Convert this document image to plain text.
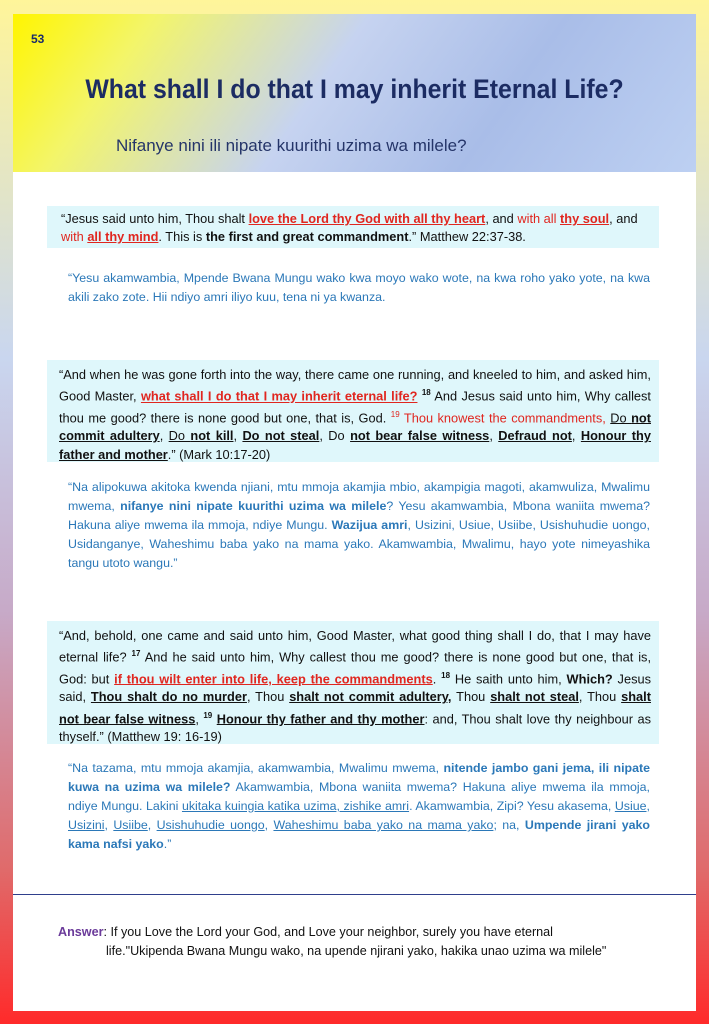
53
What shall I do that I may inherit Eternal Life?
Nifanye nini ili nipate kuurithi uzima wa milele?
“Jesus said unto him, Thou shalt love the Lord thy God with all thy heart, and with all thy soul, and with all thy mind. This is the first and great commandment.” Matthew 22:37-38.
“Yesu akamwambia, Mpende Bwana Mungu wako kwa moyo wako wote, na kwa roho yako yote, na kwa akili zako zote. Hii ndiyo amri iliyo kuu, tena ni ya kwanza.
“And when he was gone forth into the way, there came one running, and kneeled to him, and asked him, Good Master, what shall I do that I may inherit eternal life? $^{18}$ And Jesus said unto him, Why callest thou me good? there is none good but one, that is, God. $^{19}$ Thou knowest the commandments, Do not commit adultery, Do not kill, Do not steal, Do not bear false witness, Defraud not, Honour thy father and mother.” (Mark 10:17-20)
“Na alipokuwa akitoka kwenda njiani, mtu mmoja akamjia mbio, akampigia magoti, akamwuliza, Mwalimu mwema, nifanye nini nipate kuurithi uzima wa milele? Yesu akamwambia, Mbona waniita mwema? Hakuna aliye mwema ila mmoja, ndiye Mungu. Wazijua amri, Usizini, Usiue, Usiibe, Usishuhudie uongo, Usidanganye, Waheshimu baba yako na mama yako. Akamwambia, Mwalimu, hayo yote nimeyashika tangu utoto wangu.”
“And, behold, one came and said unto him, Good Master, what good thing shall I do, that I may have eternal life? $^{17}$ And he said unto him, Why callest thou me good? there is none good but one, that is, God: but if thou wilt enter into life, keep the commandments. $^{18}$ He saith unto him, Which? Jesus said, Thou shalt do no murder, Thou shalt not commit adultery, Thou shalt not steal, Thou shalt not bear false witness, $^{19}$ Honour thy father and thy mother: and, Thou shalt love thy neighbour as thyself.” (Matthew 19: 16-19)
“Na tazama, mtu mmoja akamjia, akamwambia, Mwalimu mwema, nitende jambo gani jema, ili nipate kuwa na uzima wa milele? Akamwambia, Mbona waniita mwema? Hakuna aliye mwema ila mmoja, ndiye Mungu. Lakini ukitaka kuingia katika uzima, zishike amri. Akamwambia, Zipi? Yesu akasema, Usiue, Usizini, Usiibe, Usishuhudie uongo, Waheshimu baba yako na mama yako; na, Umpende jirani yako kama nafsi yako.”
Answer: If you Love the Lord your God, and Love your neighbor, surely you have eternal
life."Ukipenda Bwana Mungu wako, na upende njirani yako, hakika unao uzima wa milele"
